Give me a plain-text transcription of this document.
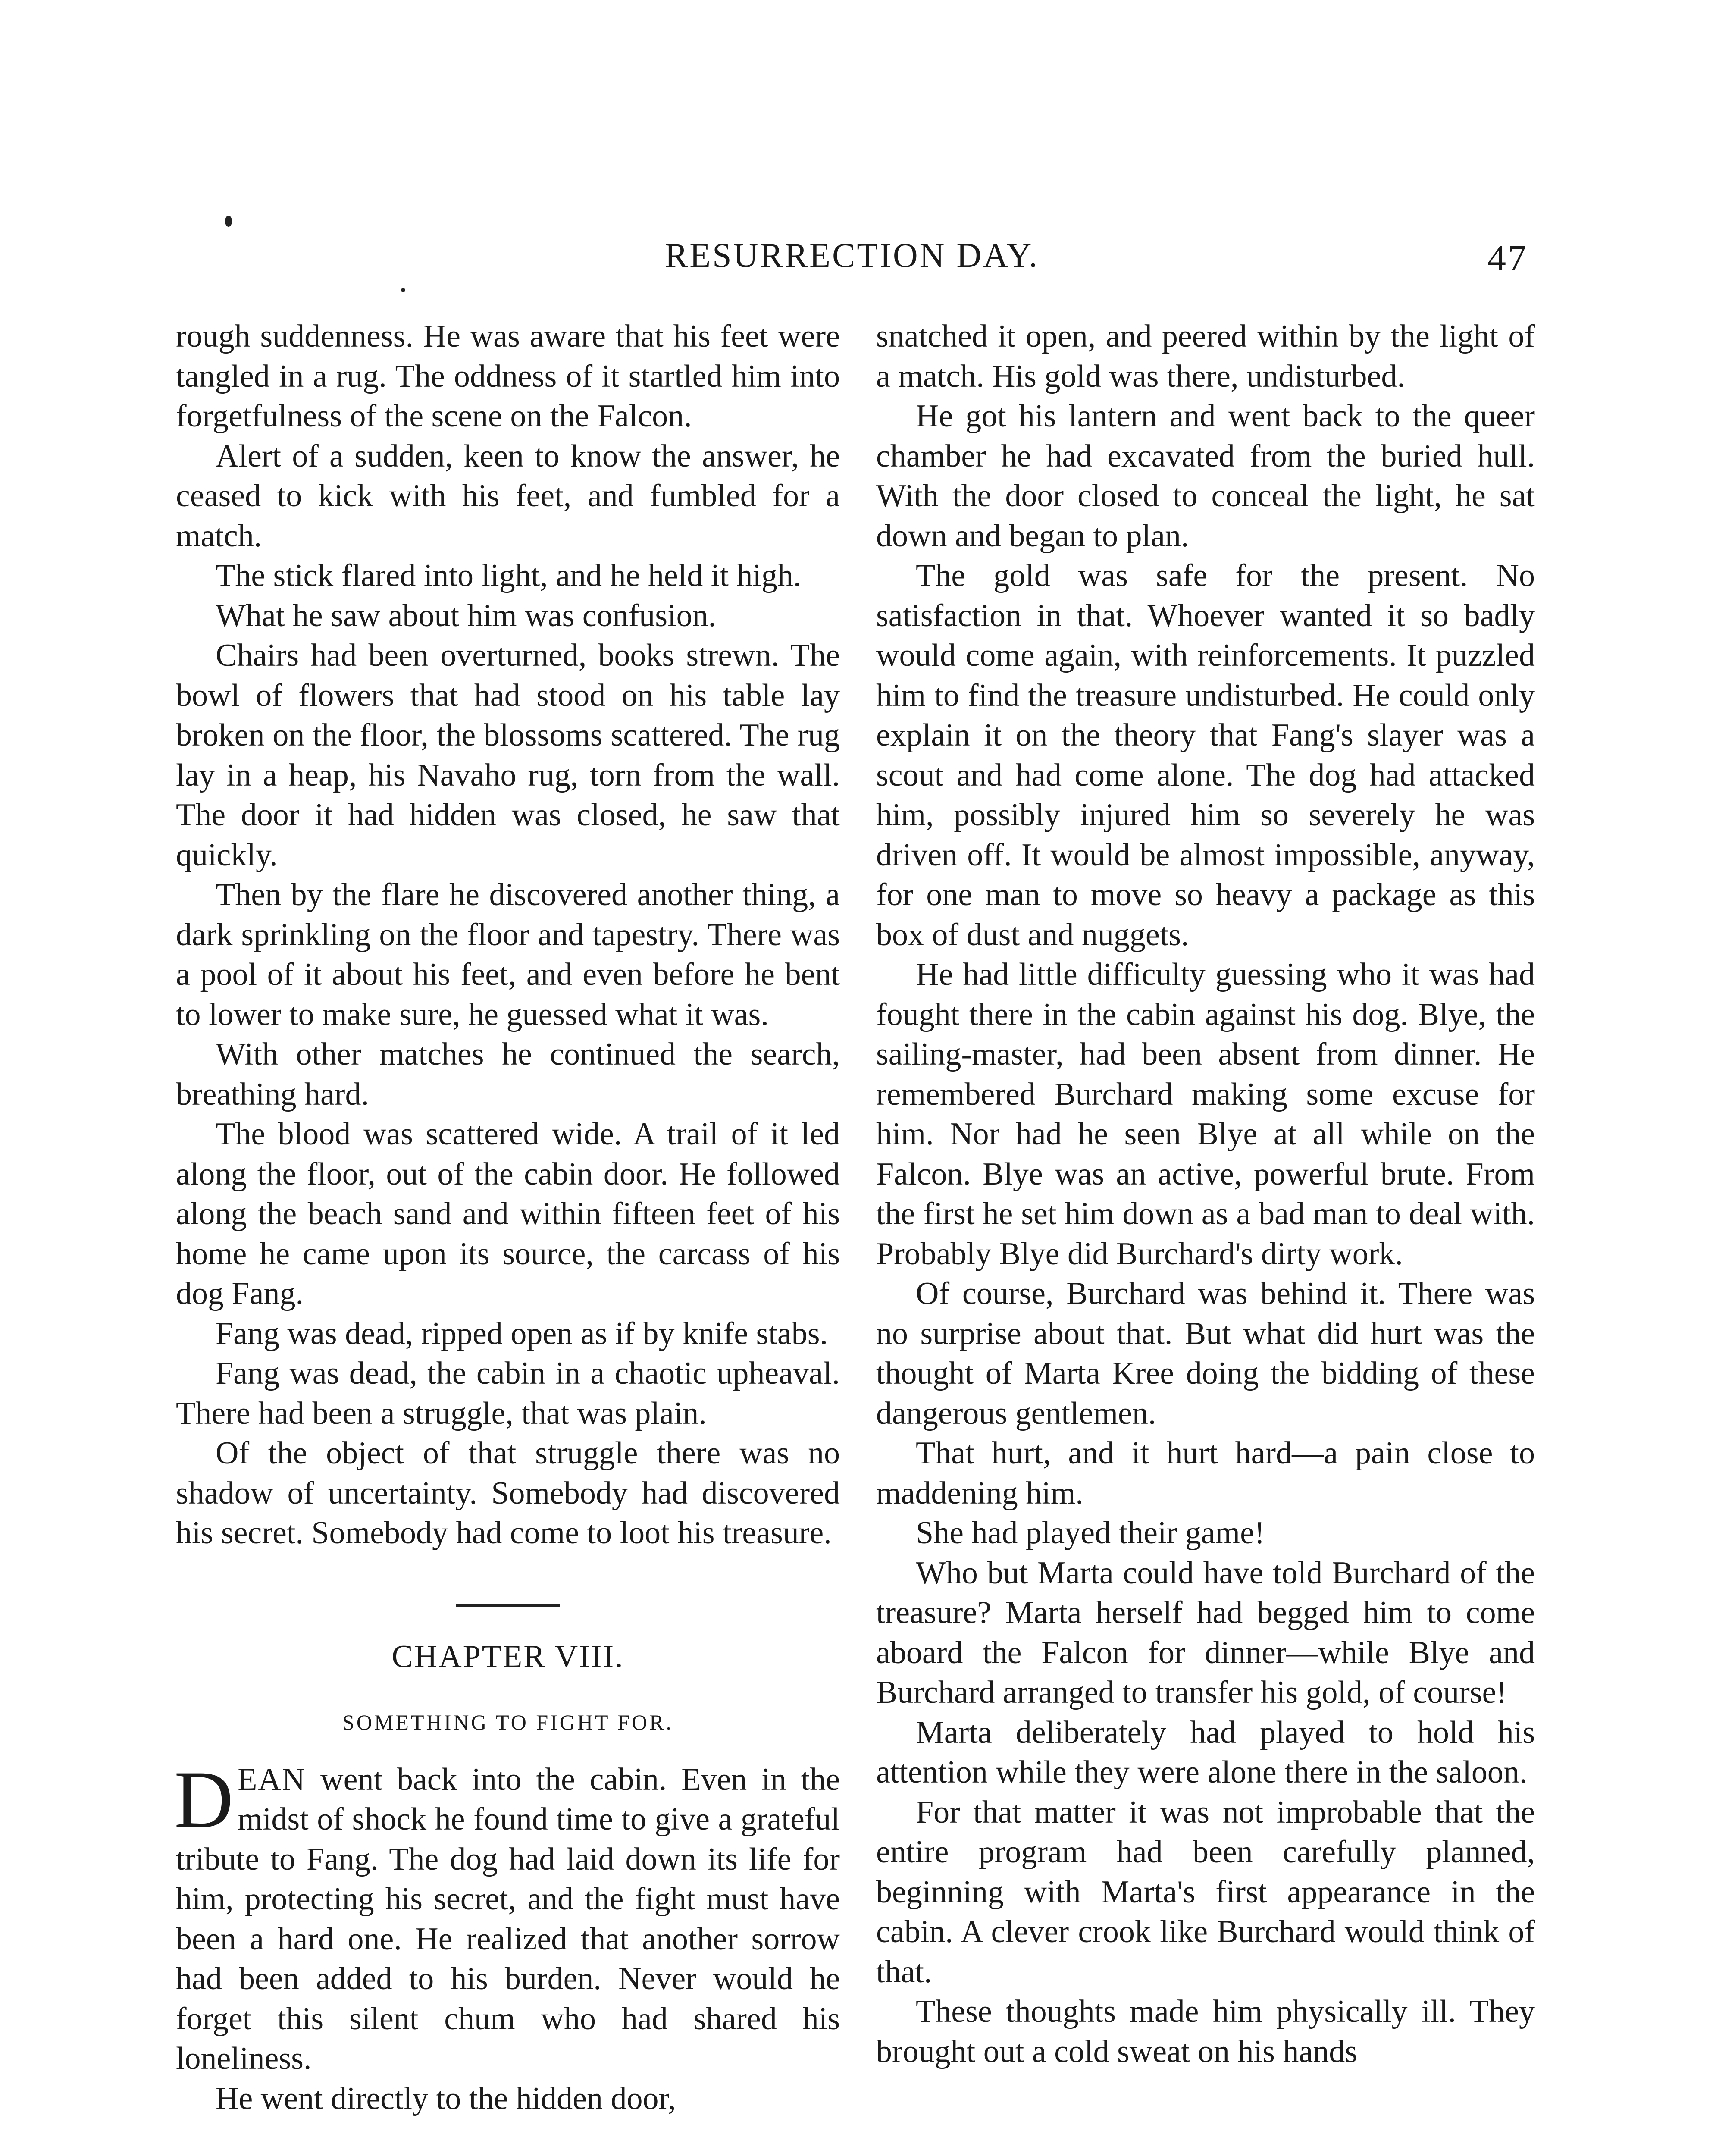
RESURRECTION DAY.	47

rough suddenness. He was aware that his feet were tangled in a rug. The oddness of it startled him into forgetfulness of the scene on the Falcon.

Alert of a sudden, keen to know the answer, he ceased to kick with his feet, and fumbled for a match.

The stick flared into light, and he held it high.

What he saw about him was confusion.

Chairs had been overturned, books strewn. The bowl of flowers that had stood on his table lay broken on the floor, the blossoms scattered. The rug lay in a heap, his Navaho rug, torn from the wall. The door it had hidden was closed, he saw that quickly.

Then by the flare he discovered another thing, a dark sprinkling on the floor and tapestry. There was a pool of it about his feet, and even before he bent to lower to make sure, he guessed what it was.

With other matches he continued the search, breathing hard.

The blood was scattered wide. A trail of it led along the floor, out of the cabin door. He followed along the beach sand and within fifteen feet of his home he came upon its source, the carcass of his dog Fang.

Fang was dead, ripped open as if by knife stabs.

Fang was dead, the cabin in a chaotic upheaval. There had been a struggle, that was plain.

Of the object of that struggle there was no shadow of uncertainty. Somebody had discovered his secret. Somebody had come to loot his treasure.

CHAPTER VIII.
SOMETHING TO FIGHT FOR.

DEAN went back into the cabin. Even in the midst of shock he found time to give a grateful tribute to Fang. The dog had laid down its life for him, protecting his secret, and the fight must have been a hard one. He realized that another sorrow had been added to his burden. Never would he forget this silent chum who had shared his loneliness.

He went directly to the hidden door,

snatched it open, and peered within by the light of a match. His gold was there, undisturbed.

He got his lantern and went back to the queer chamber he had excavated from the buried hull. With the door closed to conceal the light, he sat down and began to plan.

The gold was safe for the present. No satisfaction in that. Whoever wanted it so badly would come again, with reinforcements. It puzzled him to find the treasure undisturbed. He could only explain it on the theory that Fang's slayer was a scout and had come alone. The dog had attacked him, possibly injured him so severely he was driven off. It would be almost impossible, anyway, for one man to move so heavy a package as this box of dust and nuggets.

He had little difficulty guessing who it was had fought there in the cabin against his dog. Blye, the sailing-master, had been absent from dinner. He remembered Burchard making some excuse for him. Nor had he seen Blye at all while on the Falcon. Blye was an active, powerful brute. From the first he set him down as a bad man to deal with. Probably Blye did Burchard's dirty work.

Of course, Burchard was behind it. There was no surprise about that. But what did hurt was the thought of Marta Kree doing the bidding of these dangerous gentlemen.

That hurt, and it hurt hard—a pain close to maddening him.

She had played their game!

Who but Marta could have told Burchard of the treasure? Marta herself had begged him to come aboard the Falcon for dinner—while Blye and Burchard arranged to transfer his gold, of course!

Marta deliberately had played to hold his attention while they were alone there in the saloon.

For that matter it was not improbable that the entire program had been carefully planned, beginning with Marta's first appearance in the cabin. A clever crook like Burchard would think of that.

These thoughts made him physically ill. They brought out a cold sweat on his hands
